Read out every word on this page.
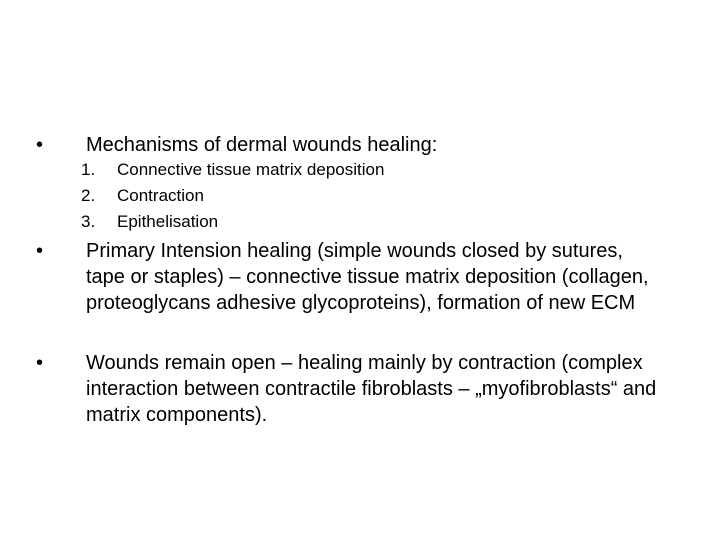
• Mechanisms of dermal wounds healing:
1.	Connective tissue matrix deposition
2.	Contraction
3.	Epithelisation
• Primary Intension healing (simple wounds closed by sutures, tape or staples) – connective tissue matrix deposition (collagen, proteoglycans adhesive glycoproteins), formation of new ECM
• Wounds remain open – healing mainly by contraction (complex interaction between contractile fibroblasts – „myofibroblasts“ and matrix components).
